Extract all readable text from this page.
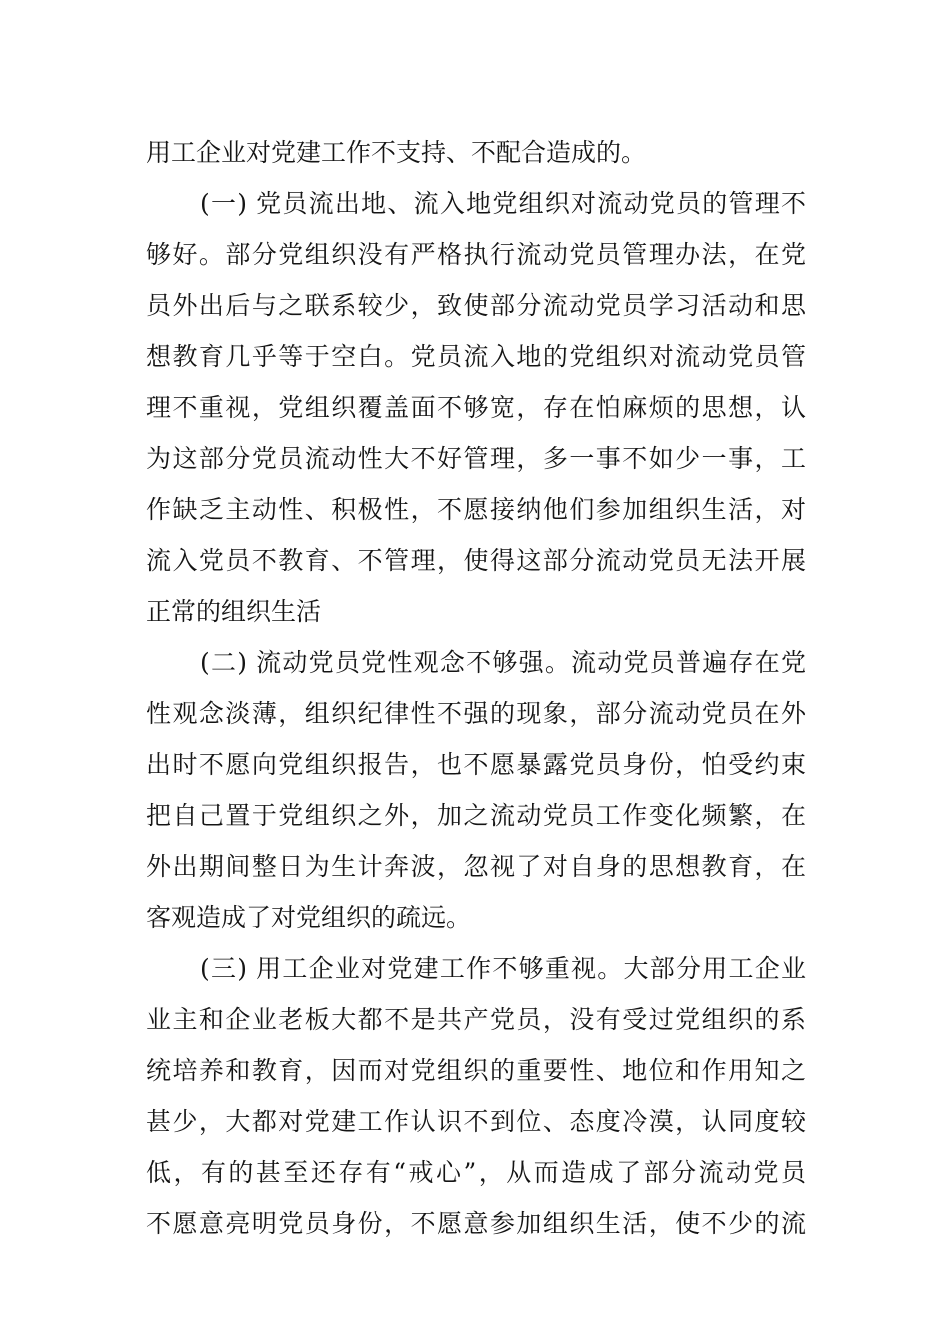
用工企业对党建工作不支持、不配合造成的。
(一) 党员流出地、流入地党组织对流动党员的管理不
够好。部分党组织没有严格执行流动党员管理办法，在党
员外出后与之联系较少，致使部分流动党员学习活动和思
想教育几乎等于空白。党员流入地的党组织对流动党员管
理不重视，党组织覆盖面不够宽，存在怕麻烦的思想，认
为这部分党员流动性大不好管理，多一事不如少一事，工
作缺乏主动性、积极性，不愿接纳他们参加组织生活，对
流入党员不教育、不管理，使得这部分流动党员无法开展
正常的组织生活
(二) 流动党员党性观念不够强。流动党员普遍存在党
性观念淡薄，组织纪律性不强的现象，部分流动党员在外
出时不愿向党组织报告，也不愿暴露党员身份，怕受约束
把自己置于党组织之外，加之流动党员工作变化频繁，在
外出期间整日为生计奔波，忽视了对自身的思想教育，在
客观造成了对党组织的疏远。
(三) 用工企业对党建工作不够重视。大部分用工企业
业主和企业老板大都不是共产党员，没有受过党组织的系
统培养和教育，因而对党组织的重要性、地位和作用知之
甚少，大都对党建工作认识不到位、态度冷漠，认同度较
低，有的甚至还存有“戒心”，从而造成了部分流动党员
不愿意亮明党员身份，不愿意参加组织生活，使不少的流
